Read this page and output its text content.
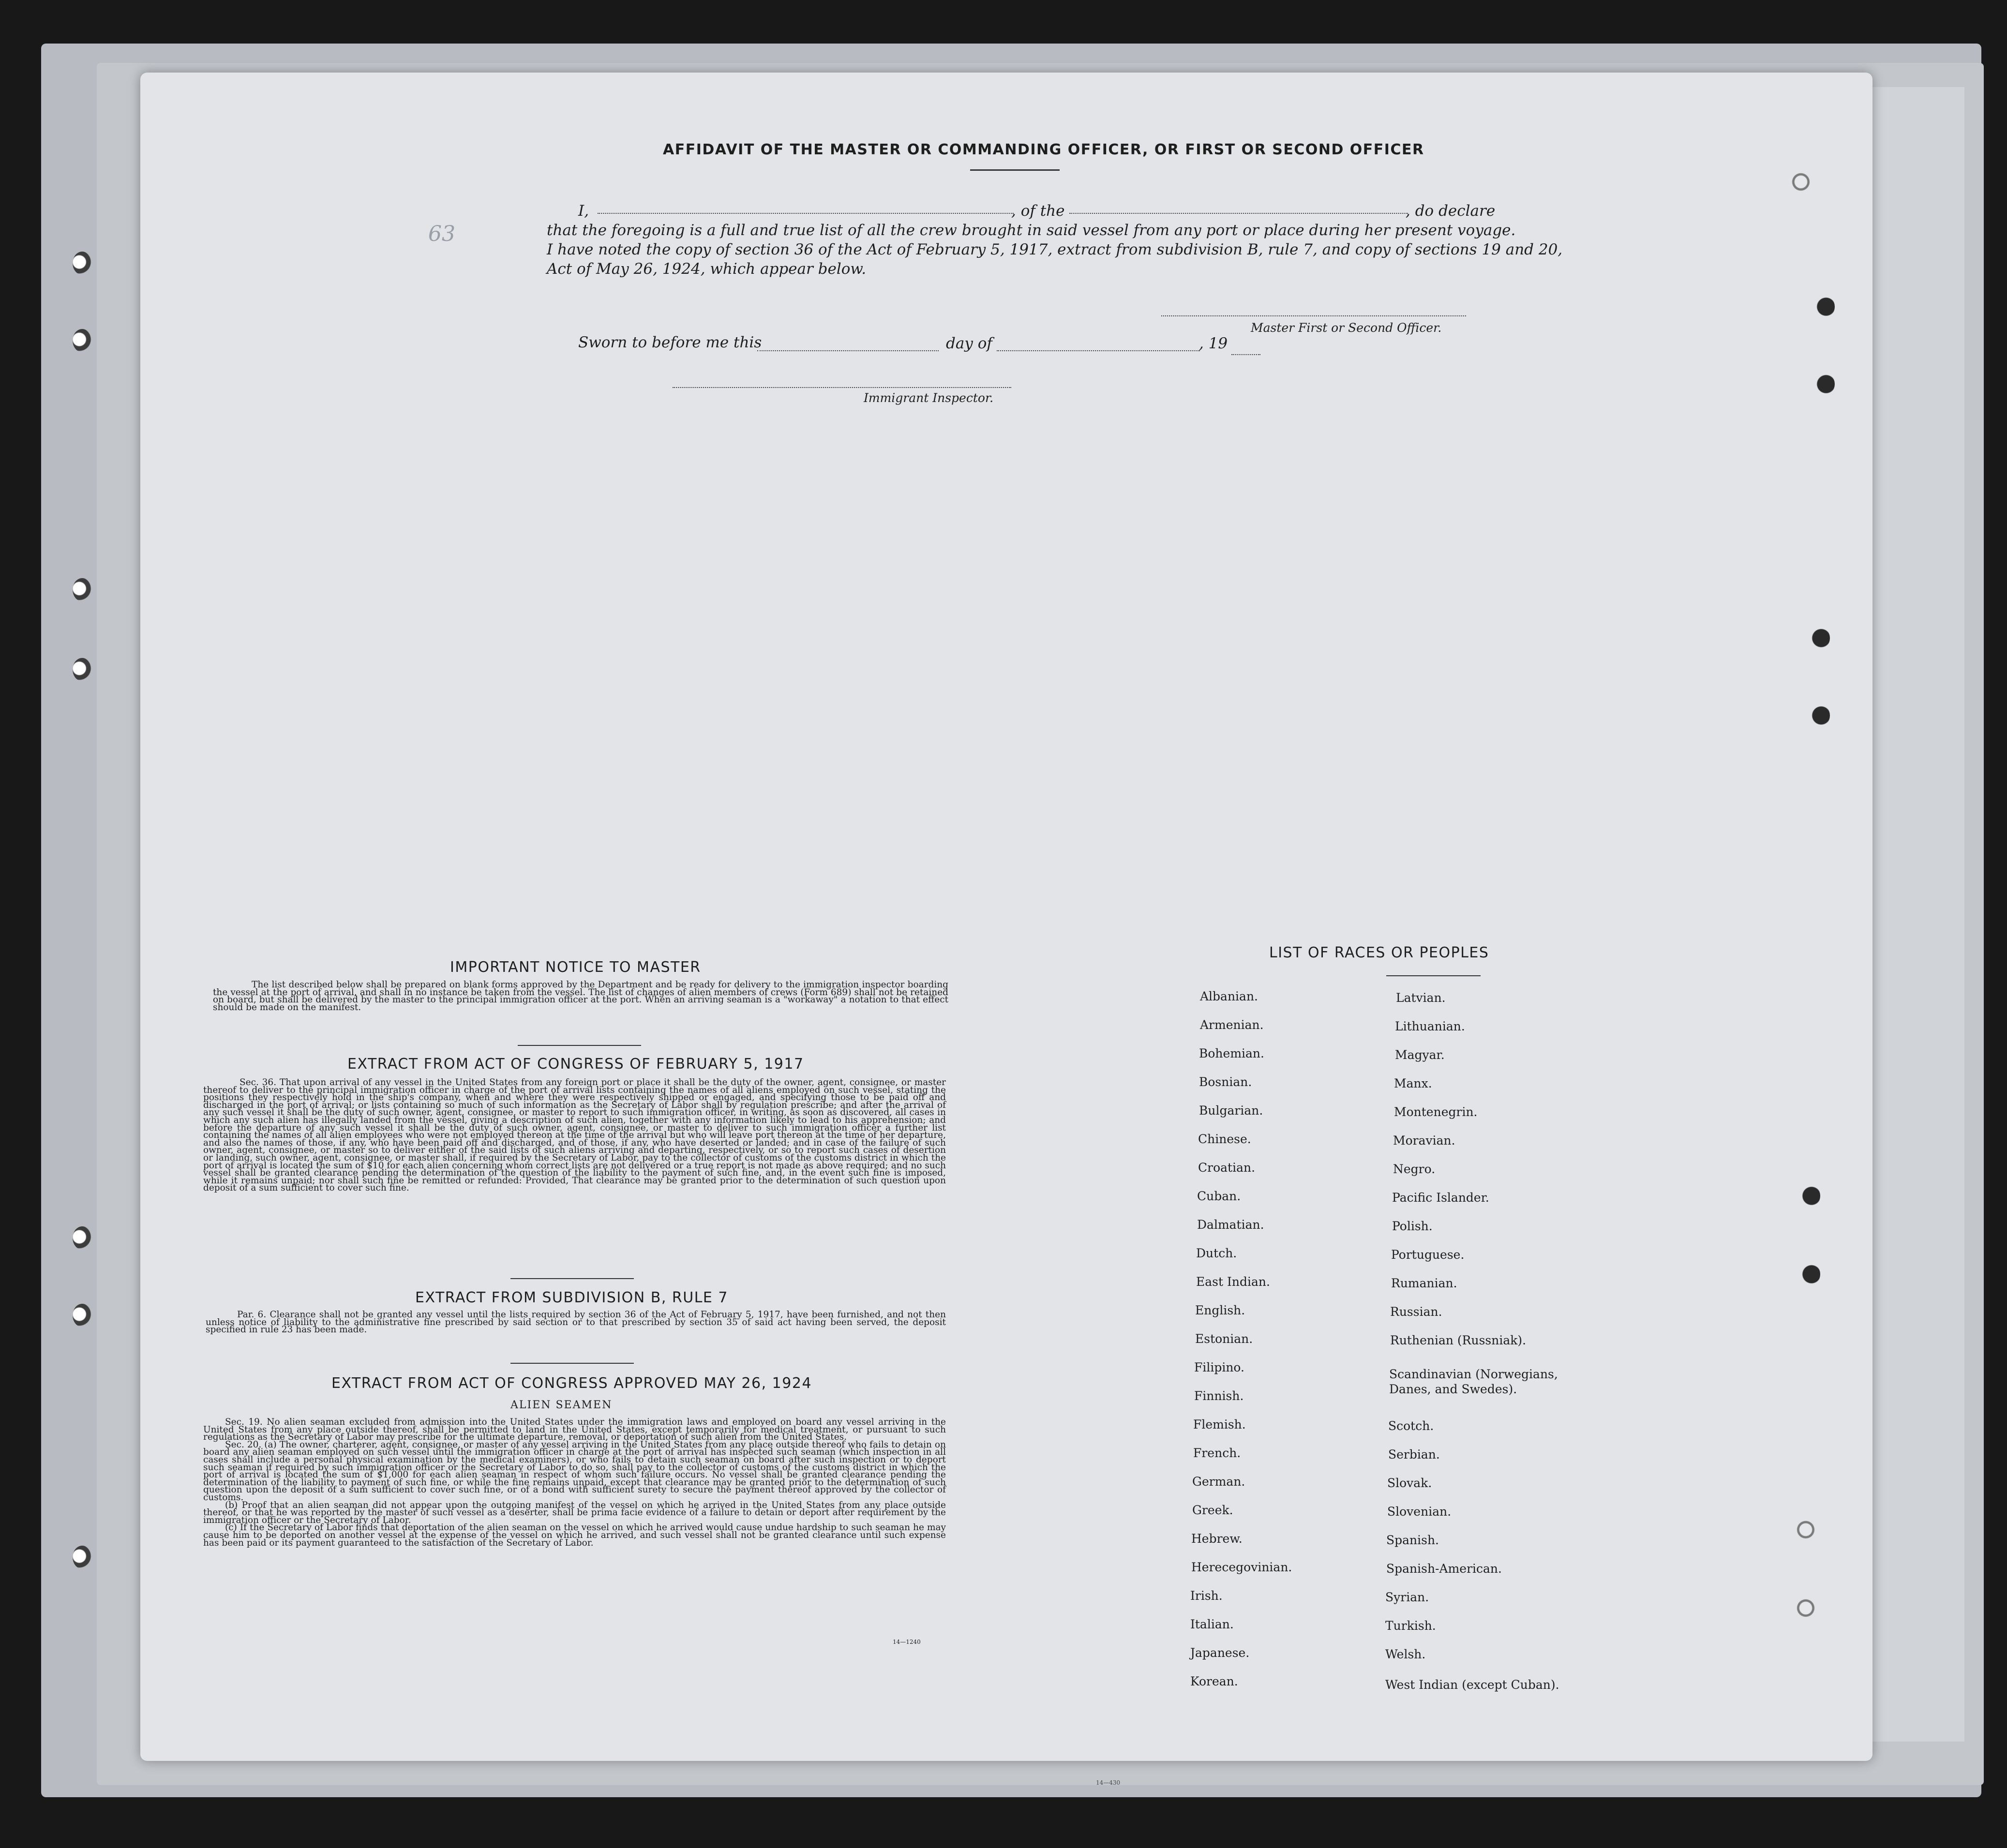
63
AFFIDAVIT OF THE MASTER OR COMMANDING OFFICER, OR FIRST OR SECOND OFFICER
I,	, of the	, do declare
that the foregoing is a full and true list of all the crew brought in said vessel from any port or place during her present voyage.
I have noted the copy of section 36 of the Act of February 5, 1917, extract from subdivision B, rule 7, and copy of sections 19 and 20,
Act of May 26, 1924, which appear below.
Master First or Second Officer.
Sworn to before me this	day of	, 19
Immigrant Inspector.
IMPORTANT NOTICE TO MASTER
The list described below shall be prepared on blank forms approved by the Department and be ready for delivery to the immigration inspector boarding the vessel at the port of arrival, and shall in no instance be taken from the vessel. The list of changes of alien members of crews (Form 689) shall not be retained on board, but shall be delivered by the master to the principal immigration officer at the port. When an arriving seaman is a "workaway" a notation to that effect should be made on the manifest.
EXTRACT FROM ACT OF CONGRESS OF FEBRUARY 5, 1917
Sec. 36. That upon arrival of any vessel in the United States from any foreign port or place it shall be the duty of the owner, agent, consignee, or master thereof to deliver to the principal immigration officer in charge of the port of arrival lists containing the names of all aliens employed on such vessel, stating the positions they respectively hold in the ship's company, when and where they were respectively shipped or engaged, and specifying those to be paid off and discharged in the port of arrival; or lists containing so much of such information as the Secretary of Labor shall by regulation prescribe; and after the arrival of any such vessel it shall be the duty of such owner, agent, consignee, or master to report to such immigration officer, in writing, as soon as discovered, all cases in which any such alien has illegally landed from the vessel, giving a description of such alien, together with any information likely to lead to his apprehension; and before the departure of any such vessel it shall be the duty of such owner, agent, consignee, or master to deliver to such immigration officer a further list containing the names of all alien employees who were not employed thereon at the time of the arrival but who will leave port thereon at the time of her departure, and also the names of those, if any, who have been paid off and discharged, and of those, if any, who have deserted or landed; and in case of the failure of such owner, agent, consignee, or master so to deliver either of the said lists of such aliens arriving and departing, respectively, or so to report such cases of desertion or landing, such owner, agent, consignee, or master shall, if required by the Secretary of Labor, pay to the collector of customs of the customs district in which the port of arrival is located the sum of $10 for each alien concerning whom correct lists are not delivered or a true report is not made as above required; and no such vessel shall be granted clearance pending the determination of the question of the liability to the payment of such fine, and, in the event such fine is imposed, while it remains unpaid; nor shall such fine be remitted or refunded: Provided, That clearance may be granted prior to the determination of such question upon deposit of a sum sufficient to cover such fine.
EXTRACT FROM SUBDIVISION B, RULE 7
Par. 6. Clearance shall not be granted any vessel until the lists required by section 36 of the Act of February 5, 1917, have been furnished, and not then unless notice of liability to the administrative fine prescribed by said section or to that prescribed by section 35 of said act having been served, the deposit specified in rule 23 has been made.
EXTRACT FROM ACT OF CONGRESS APPROVED MAY 26, 1924
ALIEN SEAMEN

Sec. 19. No alien seaman excluded from admission into the United States under the immigration laws and employed on board any vessel arriving in the United States from any place outside thereof, shall be permitted to land in the United States, except temporarily for medical treatment, or pursuant to such regulations as the Secretary of Labor may prescribe for the ultimate departure, removal, or deportation of such alien from the United States.

Sec. 20. (a) The owner, charterer, agent, consignee, or master of any vessel arriving in the United States from any place outside thereof who fails to detain on board any alien seaman employed on such vessel until the immigration officer in charge at the port of arrival has inspected such seaman (which inspection in all cases shall include a personal physical examination by the medical examiners), or who fails to detain such seaman on board after such inspection or to deport such seaman if required by such immigration officer or the Secretary of Labor to do so, shall pay to the collector of customs of the customs district in which the port of arrival is located the sum of $1,000 for each alien seaman in respect of whom such failure occurs. No vessel shall be granted clearance pending the determination of the liability to payment of such fine, or while the fine remains unpaid, except that clearance may be granted prior to the determination of such question upon the deposit of a sum sufficient to cover such fine, or of a bond with sufficient surety to secure the payment thereof approved by the collector of customs.

(b) Proof that an alien seaman did not appear upon the outgoing manifest of the vessel on which he arrived in the United States from any place outside thereof, or that he was reported by the master of such vessel as a deserter, shall be prima facie evidence of a failure to detain or deport after requirement by the immigration officer or the Secretary of Labor.

(c) If the Secretary of Labor finds that deportation of the alien seaman on the vessel on which he arrived would cause undue hardship to such seaman he may cause him to be deported on another vessel at the expense of the vessel on which he arrived, and such vessel shall not be granted clearance until such expense has been paid or its payment guaranteed to the satisfaction of the Secretary of Labor.

14—1240
LIST OF RACES OR PEOPLES
Albanian.
Armenian.
Bohemian.
Bosnian.
Bulgarian.
Chinese.
Croatian.
Cuban.
Dalmatian.
Dutch.
East Indian.
English.
Estonian.
Filipino.
Finnish.
Flemish.
French.
German.
Greek.
Hebrew.
Herecegovinian.
Irish.
Italian.
Japanese.
Korean.
Latvian.
Lithuanian.
Magyar.
Manx.
Montenegrin.
Moravian.
Negro.
Pacific Islander.
Polish.
Portuguese.
Rumanian.
Russian.
Ruthenian (Russniak).
Scandinavian (Norwegians, Danes, and Swedes).
Scotch.
Serbian.
Slovak.
Slovenian.
Spanish.
Spanish-American.
Syrian.
Turkish.
Welsh.
West Indian (except Cuban).
14—430
